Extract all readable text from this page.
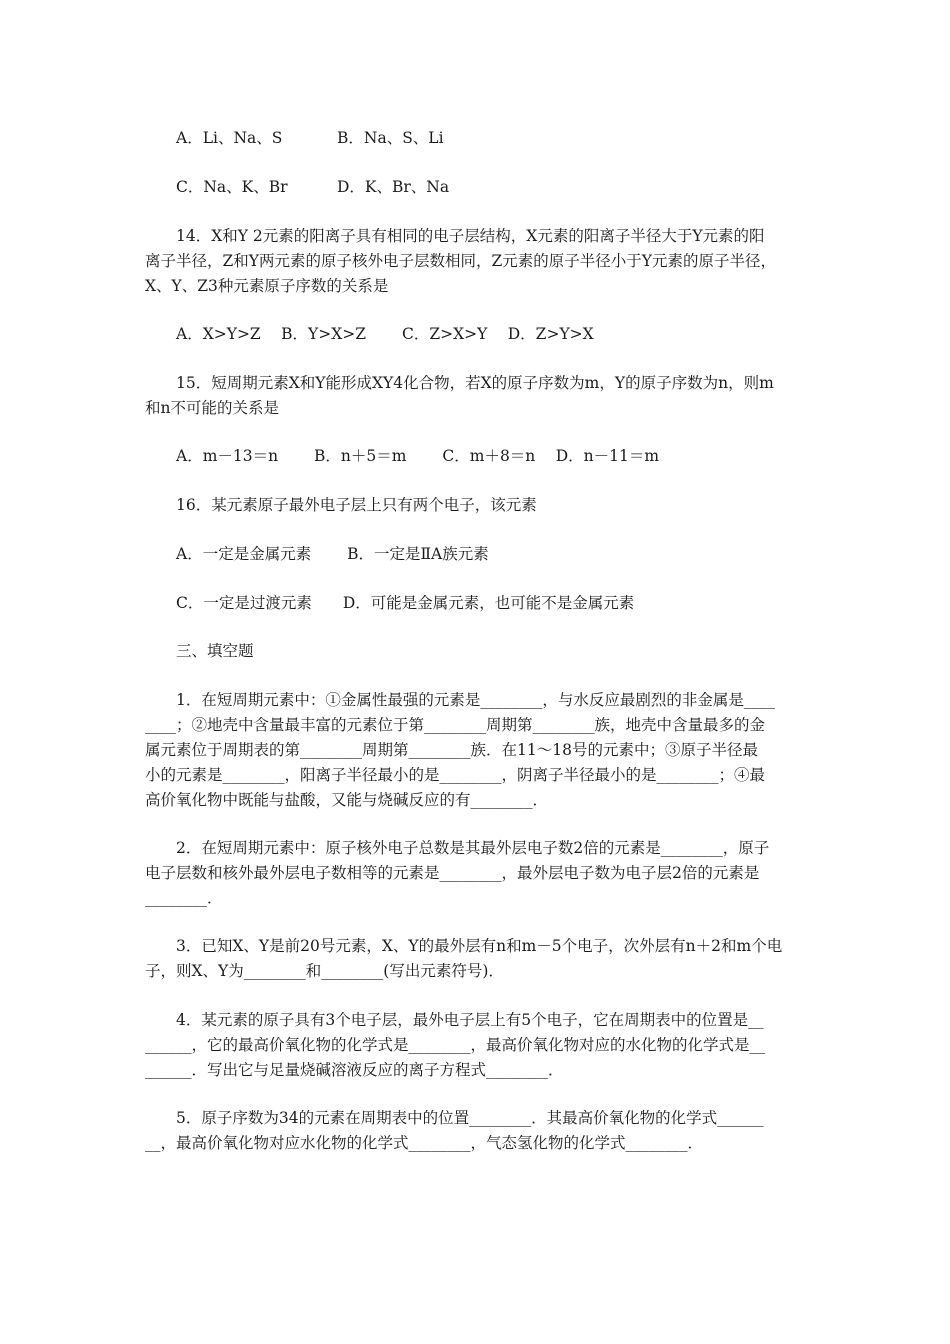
A．Li、Na、S	B．Na、S、Li
C．Na、K、Br	D．K、Br、Na
14．X和Y 2元素的阳离子具有相同的电子层结构，X元素的阳离子半径大于Y元素的阳
离子半径，Z和Y两元素的原子核外电子层数相同，Z元素的原子半径小于Y元素的原子半径，
X、Y、Z3种元素原子序数的关系是
A．X>Y>Z　 B．Y>X>Z　　 C．Z>X>Y　 D．Z>Y>X
15．短周期元素X和Y能形成XY4化合物，若X的原子序数为m，Y的原子序数为n，则m
和n不可能的关系是
A．m－13＝n　　 B．n＋5＝m　　 C．m＋8＝n　 D．n－11＝m
16．某元素原子最外电子层上只有两个电子，该元素
A．一定是金属元素　　 B．一定是ⅡA族元素
C．一定是过渡元素　　D．可能是金属元素，也可能不是金属元素
三、填空题
1．在短周期元素中：①金属性最强的元素是________，与水反应最剧烈的非金属是____
____；②地壳中含量最丰富的元素位于第________周期第________族，地壳中含量最多的金
属元素位于周期表的第________周期第________族．在11～18号的元素中；③原子半径最
小的元素是________，阳离子半径最小的是________，阴离子半径最小的是________；④最
高价氧化物中既能与盐酸，又能与烧碱反应的有________．
2．在短周期元素中：原子核外电子总数是其最外层电子数2倍的元素是________，原子
电子层数和核外最外层电子数相等的元素是________，最外层电子数为电子层2倍的元素是
________．
3．已知X、Y是前20号元素，X、Y的最外层有n和m－5个电子，次外层有n＋2和m个电
子，则X、Y为________和________(写出元素符号)．
4．某元素的原子具有3个电子层，最外电子层上有5个电子，它在周期表中的位置是__
______，它的最高价氧化物的化学式是________，最高价氧化物对应的水化物的化学式是__
______．写出它与足量烧碱溶液反应的离子方程式________．
5．原子序数为34的元素在周期表中的位置________．其最高价氧化物的化学式______
__，最高价氧化物对应水化物的化学式________，气态氢化物的化学式________．
